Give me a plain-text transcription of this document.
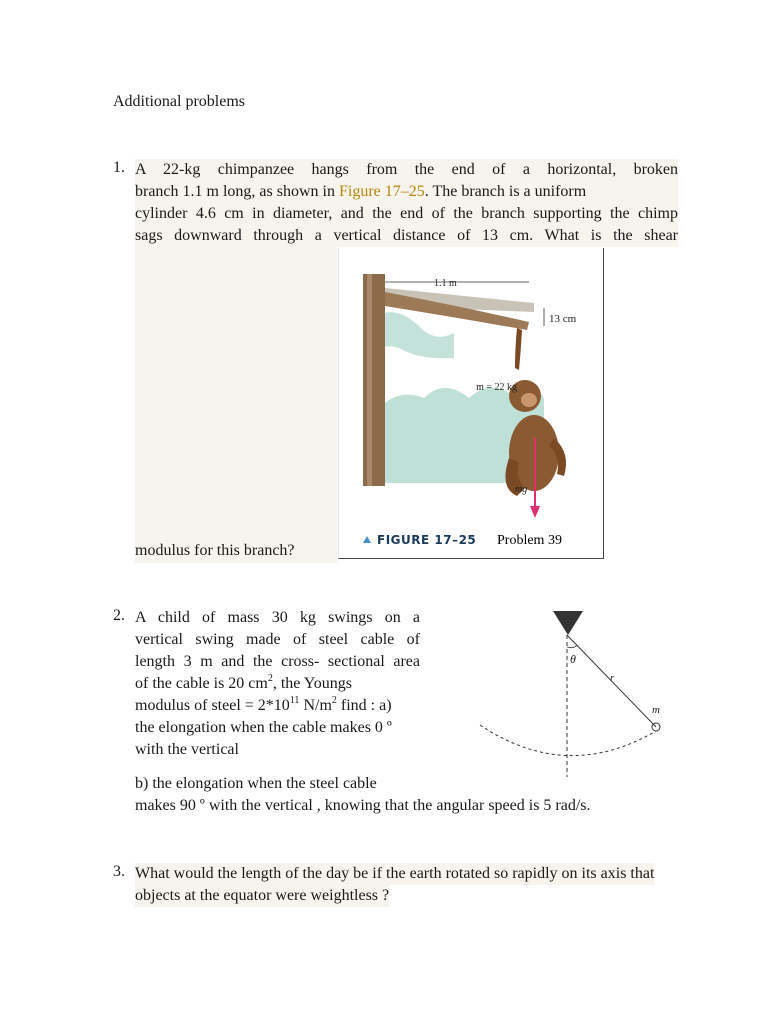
Additional problems
1. A 22-kg chimpanzee hangs from the end of a horizontal, broken
branch 1.1 m long, as shown in Figure 17–25. The branch is a uniform
cylinder 4.6 cm in diameter, and the end of the branch supporting the chimp
sags downward through a vertical distance of 13 cm. What is the shear
modulus for this branch?
1.1 m
13 cm
m = 22 kg
mg
FIGURE 17–25 Problem 39
2. A child of mass 30 kg swings on a
vertical swing made of steel cable of
length 3 m and the cross- sectional area
of the cable is 20 $cm^2$, the Youngs
modulus of steel = $2*10^{11}$ $N/m^2$ find : a)
the elongation when the cable makes 0 º
with the vertical
b) the elongation when the steel cable
makes 90 º with the vertical , knowing that the angular speed is 5 rad/s.
θ
r
m
3. What would the length of the day be if the earth rotated so rapidly on its axis that
objects at the equator were weightless ?
